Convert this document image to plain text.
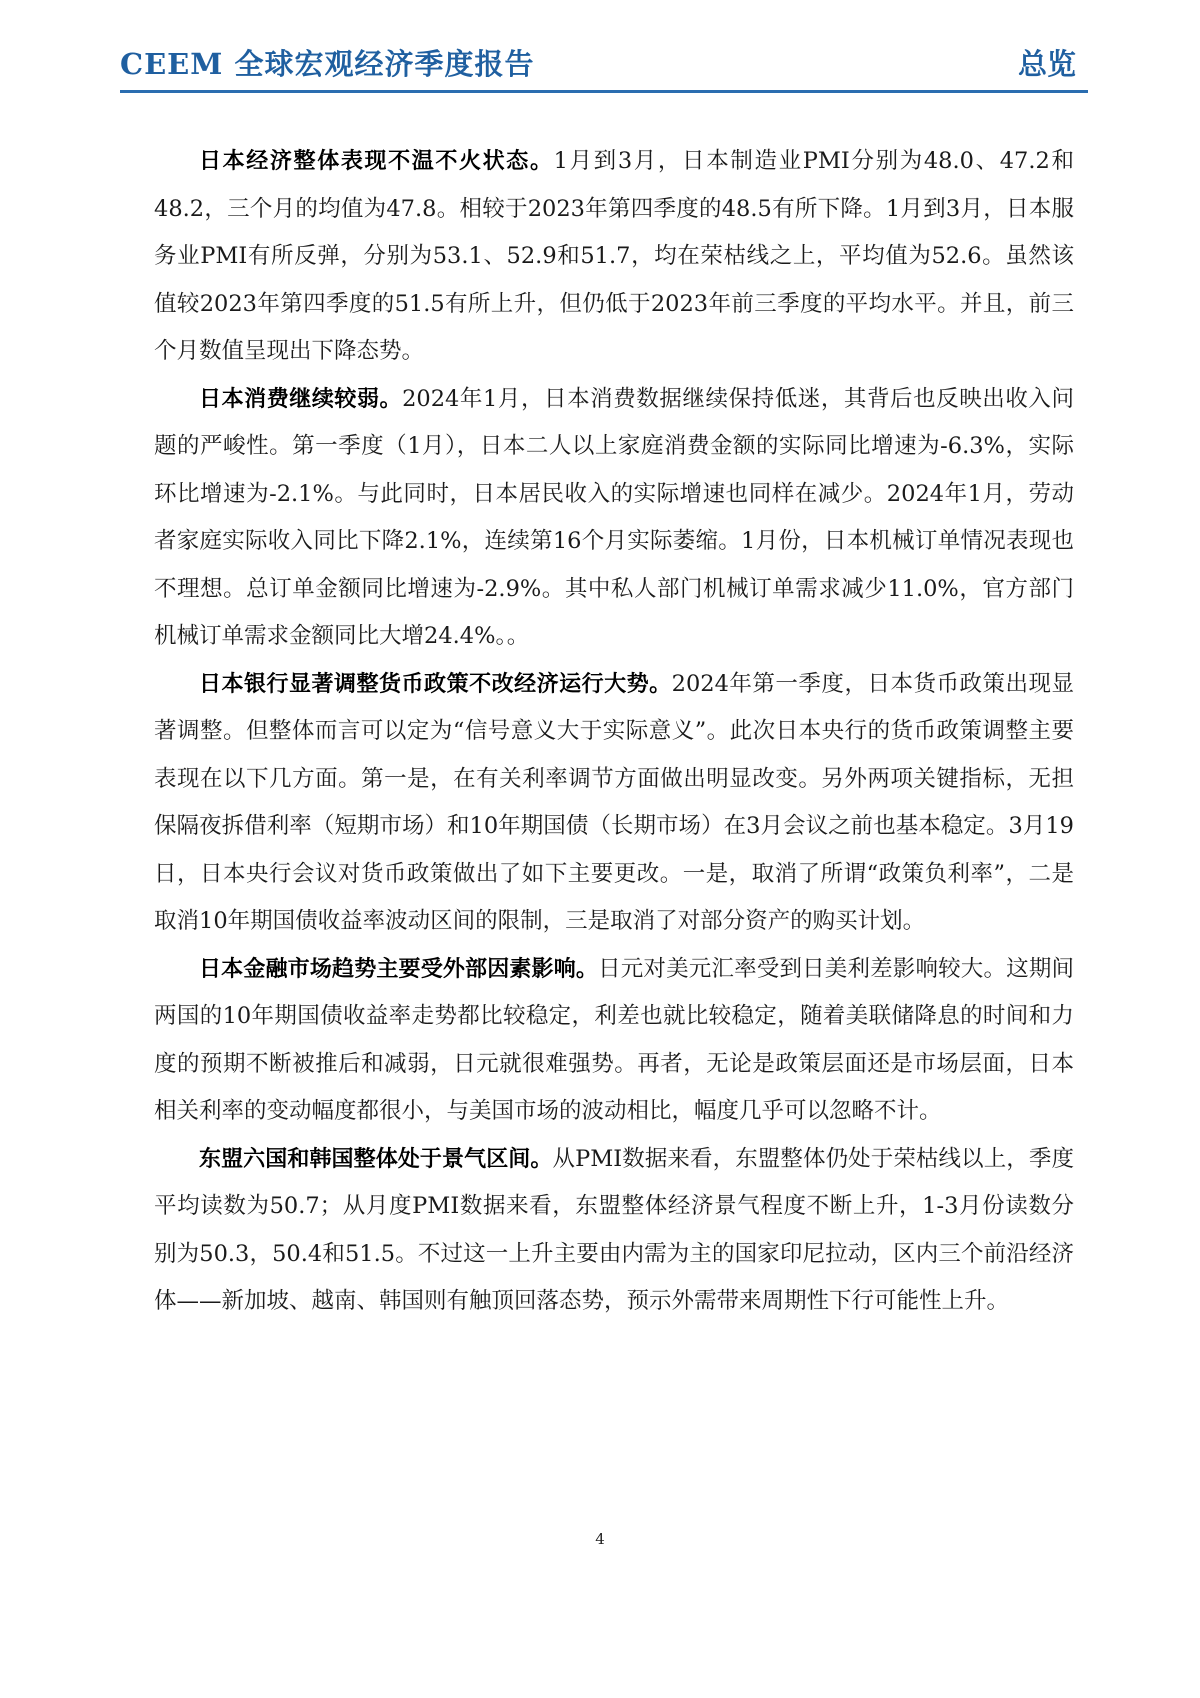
CEEM 全球宏观经济季度报告	总览

日本经济整体表现不温不火状态。1月到3月，日本制造业PMI分别为48.0、47.2和48.2，三个月的均值为47.8。相较于2023年第四季度的48.5有所下降。1月到3月，日本服务业PMI有所反弹，分别为53.1、52.9和51.7，均在荣枯线之上，平均值为52.6。虽然该值较2023年第四季度的51.5有所上升，但仍低于2023年前三季度的平均水平。并且，前三个月数值呈现出下降态势。

日本消费继续较弱。2024年1月，日本消费数据继续保持低迷，其背后也反映出收入问题的严峻性。第一季度（1月），日本二人以上家庭消费金额的实际同比增速为-6.3%，实际环比增速为-2.1%。与此同时，日本居民收入的实际增速也同样在减少。2024年1月，劳动者家庭实际收入同比下降2.1%，连续第16个月实际萎缩。1月份，日本机械订单情况表现也不理想。总订单金额同比增速为-2.9%。其中私人部门机械订单需求减少11.0%，官方部门机械订单需求金额同比大增24.4%。。

日本银行显著调整货币政策不改经济运行大势。2024年第一季度，日本货币政策出现显著调整。但整体而言可以定为“信号意义大于实际意义”。此次日本央行的货币政策调整主要表现在以下几方面。第一是，在有关利率调节方面做出明显改变。另外两项关键指标，无担保隔夜拆借利率（短期市场）和10年期国债（长期市场）在3月会议之前也基本稳定。3月19日，日本央行会议对货币政策做出了如下主要更改。一是，取消了所谓“政策负利率”，二是取消10年期国债收益率波动区间的限制，三是取消了对部分资产的购买计划。

日本金融市场趋势主要受外部因素影响。日元对美元汇率受到日美利差影响较大。这期间两国的10年期国债收益率走势都比较稳定，利差也就比较稳定，随着美联储降息的时间和力度的预期不断被推后和减弱，日元就很难强势。再者，无论是政策层面还是市场层面，日本相关利率的变动幅度都很小，与美国市场的波动相比，幅度几乎可以忽略不计。

东盟六国和韩国整体处于景气区间。从PMI数据来看，东盟整体仍处于荣枯线以上，季度平均读数为50.7；从月度PMI数据来看，东盟整体经济景气程度不断上升，1-3月份读数分别为50.3，50.4和51.5。不过这一上升主要由内需为主的国家印尼拉动，区内三个前沿经济体——新加坡、越南、韩国则有触顶回落态势，预示外需带来周期性下行可能性上升。

4
